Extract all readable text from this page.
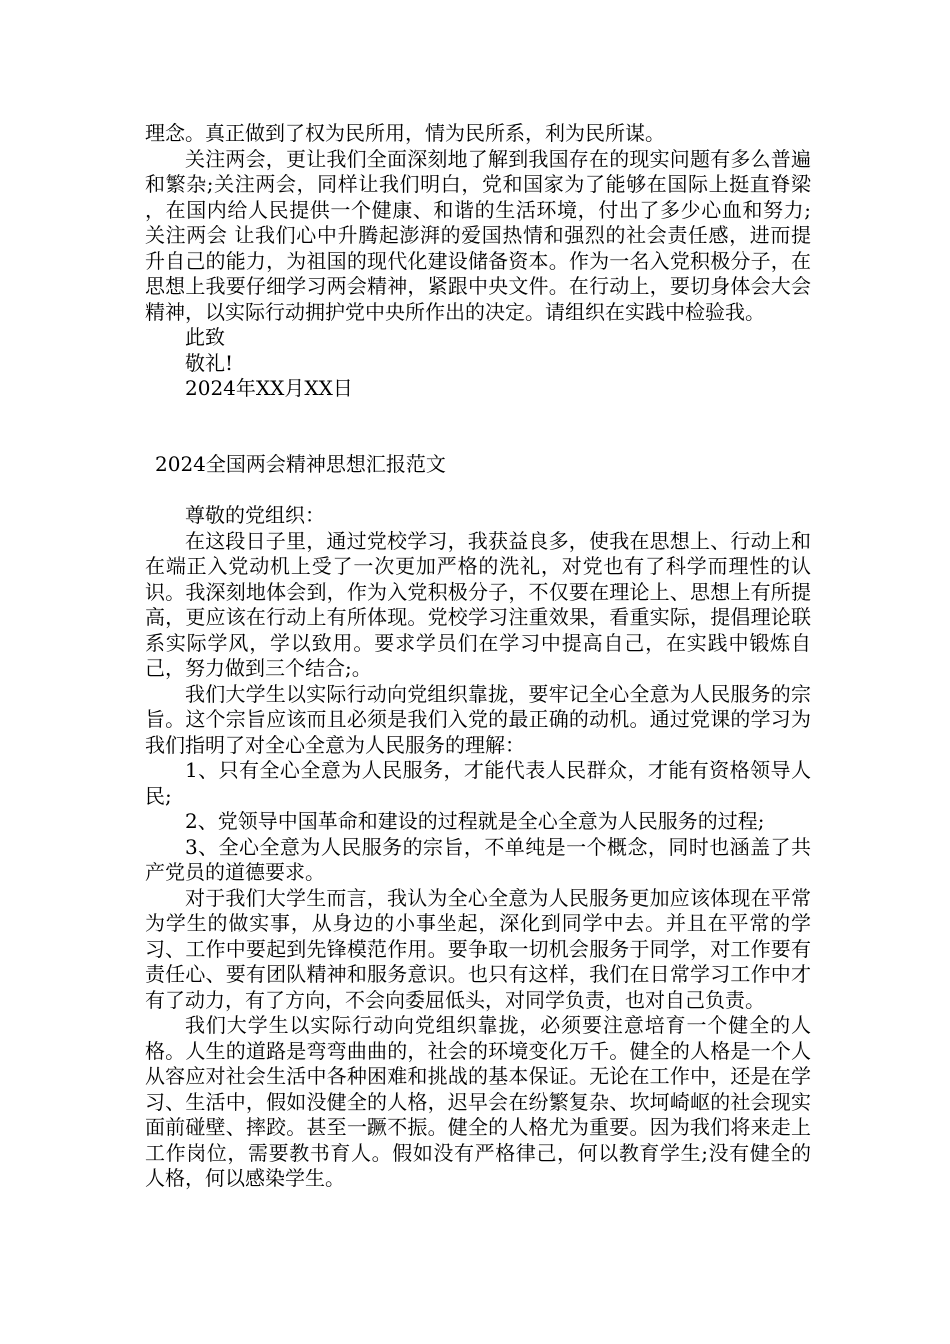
理念。真正做到了权为民所用，情为民所系，利为民所谋。

关注两会，更让我们全面深刻地了解到我国存在的现实问题有多么普遍和繁杂;关注两会，同样让我们明白，党和国家为了能够在国际上挺直脊梁 ，在国内给人民提供一个健康、和谐的生活环境，付出了多少心血和努力;关注两会 让我们心中升腾起澎湃的爱国热情和强烈的社会责任感，进而提升自己的能力，为祖国的现代化建设储备资本。作为一名入党积极分子，在思想上我要仔细学习两会精神，紧跟中央文件。在行动上，要切身体会大会精神，以实际行动拥护党中央所作出的决定。请组织在实践中检验我。

此致

敬礼!

2024年XX月XX日

2024全国两会精神思想汇报范文

尊敬的党组织：

在这段日子里，通过党校学习，我获益良多，使我在思想上、行动上和在端正入党动机上受了一次更加严格的洗礼，对党也有了科学而理性的认识。我深刻地体会到，作为入党积极分子，不仅要在理论上、思想上有所提高，更应该在行动上有所体现。党校学习注重效果，看重实际，提倡理论联系实际学风，学以致用。要求学员们在学习中提高自己，在实践中锻炼自己，努力做到三个结合;。

我们大学生以实际行动向党组织靠拢，要牢记全心全意为人民服务的宗旨。这个宗旨应该而且必须是我们入党的最正确的动机。通过党课的学习为我们指明了对全心全意为人民服务的理解：

1、只有全心全意为人民服务，才能代表人民群众，才能有资格领导人民;

2、党领导中国革命和建设的过程就是全心全意为人民服务的过程;

3、全心全意为人民服务的宗旨，不单纯是一个概念，同时也涵盖了共产党员的道德要求。

对于我们大学生而言，我认为全心全意为人民服务更加应该体现在平常为学生的做实事，从身边的小事坐起，深化到同学中去。并且在平常的学习、工作中要起到先锋模范作用。要争取一切机会服务于同学，对工作要有责任心、要有团队精神和服务意识。也只有这样，我们在日常学习工作中才有了动力，有了方向，不会向委屈低头，对同学负责，也对自己负责。

我们大学生以实际行动向党组织靠拢，必须要注意培育一个健全的人格。人生的道路是弯弯曲曲的，社会的环境变化万千。健全的人格是一个人从容应对社会生活中各种困难和挑战的基本保证。无论在工作中，还是在学习、生活中，假如没健全的人格，迟早会在纷繁复杂、坎坷崎岖的社会现实面前碰壁、摔跤。甚至一蹶不振。健全的人格尤为重要。因为我们将来走上工作岗位，需要教书育人。假如没有严格律己，何以教育学生;没有健全的人格，何以感染学生。
